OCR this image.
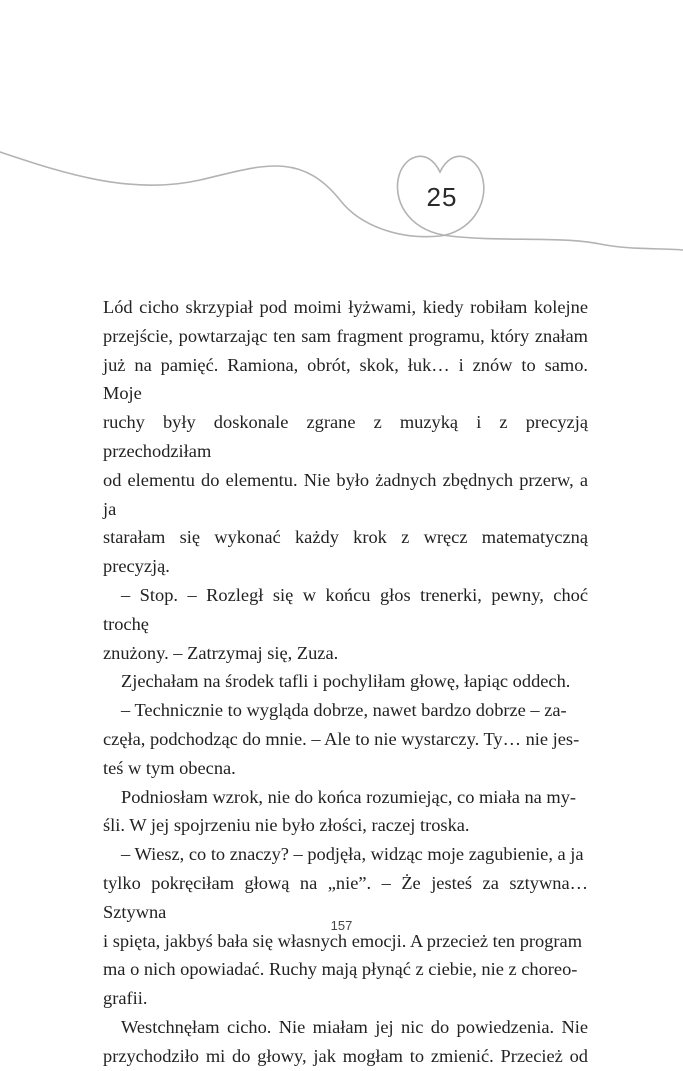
25

Lód cicho skrzypiał pod moimi łyżwami, kiedy robiłam kolejne
przejście, powtarzając ten sam fragment programu, który znałam
już na pamięć. Ramiona, obrót, skok, łuk… i znów to samo. Moje
ruchy były doskonale zgrane z muzyką i z precyzją przechodziłam
od elementu do elementu. Nie było żadnych zbędnych przerw, a ja
starałam się wykonać każdy krok z wręcz matematyczną precyzją.

– Stop. – Rozległ się w końcu głos trenerki, pewny, choć trochę
znużony. – Zatrzymaj się, Zuza.

Zjechałam na środek tafli i pochyliłam głowę, łapiąc oddech.

– Technicznie to wygląda dobrze, nawet bardzo dobrze – za-
częła, podchodząc do mnie. – Ale to nie wystarczy. Ty… nie jes-
teś w tym obecna.

Podniosłam wzrok, nie do końca rozumiejąc, co miała na my-
śli. W jej spojrzeniu nie było złości, raczej troska.

– Wiesz, co to znaczy? – podjęła, widząc moje zagubienie, a ja
tylko pokręciłam głową na „nie”. – Że jesteś za sztywna… Sztywna
i spięta, jakbyś bała się własnych emocji. A przecież ten program
ma o nich opowiadać. Ruchy mają płynąć z ciebie, nie z choreo-
grafii.

Westchnęłam cicho. Nie miałam jej nic do powiedzenia. Nie
przychodziło mi do głowy, jak mogłam to zmienić. Przecież od

157
